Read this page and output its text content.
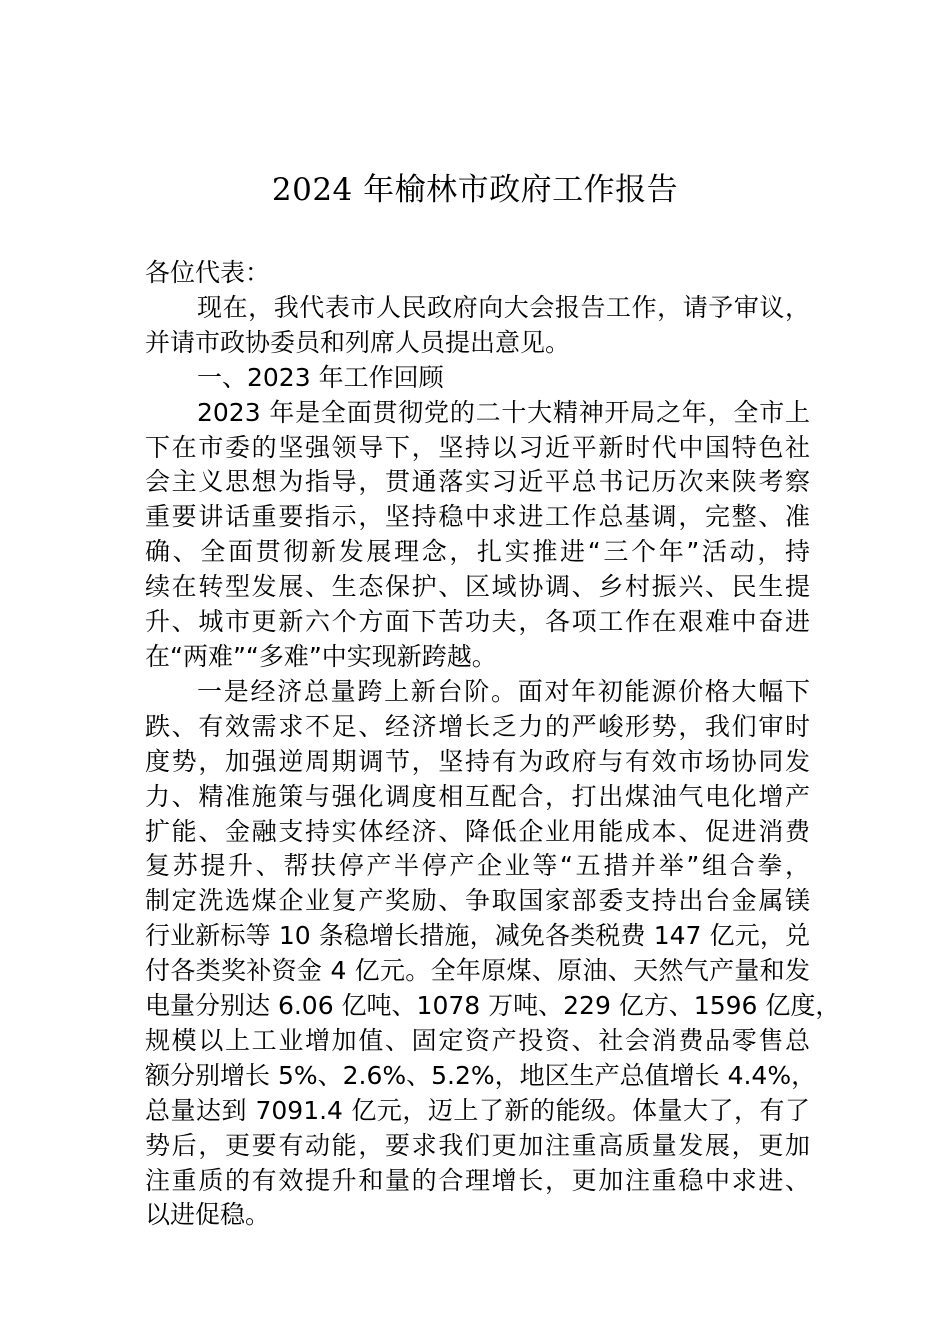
2024 年榆林市政府工作报告
各位代表：
现在，我代表市人民政府向大会报告工作，请予审议，
并请市政协委员和列席人员提出意见。
一、2023 年工作回顾
2023 年是全面贯彻党的二十大精神开局之年，全市上
下在市委的坚强领导下，坚持以习近平新时代中国特色社
会主义思想为指导，贯通落实习近平总书记历次来陕考察
重要讲话重要指示，坚持稳中求进工作总基调，完整、准
确、全面贯彻新发展理念，扎实推进“三个年”活动，持
续在转型发展、生态保护、区域协调、乡村振兴、民生提
升、城市更新六个方面下苦功夫，各项工作在艰难中奋进
在“两难”“多难”中实现新跨越。
一是经济总量跨上新台阶。面对年初能源价格大幅下
跌、有效需求不足、经济增长乏力的严峻形势，我们审时
度势，加强逆周期调节，坚持有为政府与有效市场协同发
力、精准施策与强化调度相互配合，打出煤油气电化增产
扩能、金融支持实体经济、降低企业用能成本、促进消费
复苏提升、帮扶停产半停产企业等“五措并举”组合拳，
制定洗选煤企业复产奖励、争取国家部委支持出台金属镁
行业新标等 10 条稳增长措施，减免各类税费 147 亿元，兑
付各类奖补资金 4 亿元。全年原煤、原油、天然气产量和发
电量分别达 6.06 亿吨、1078 万吨、229 亿方、1596 亿度，
规模以上工业增加值、固定资产投资、社会消费品零售总
额分别增长 5%、2.6%、5.2%，地区生产总值增长 4.4%，
总量达到 7091.4 亿元，迈上了新的能级。体量大了，有了
势后，更要有动能，要求我们更加注重高质量发展，更加
注重质的有效提升和量的合理增长，更加注重稳中求进、
以进促稳。
